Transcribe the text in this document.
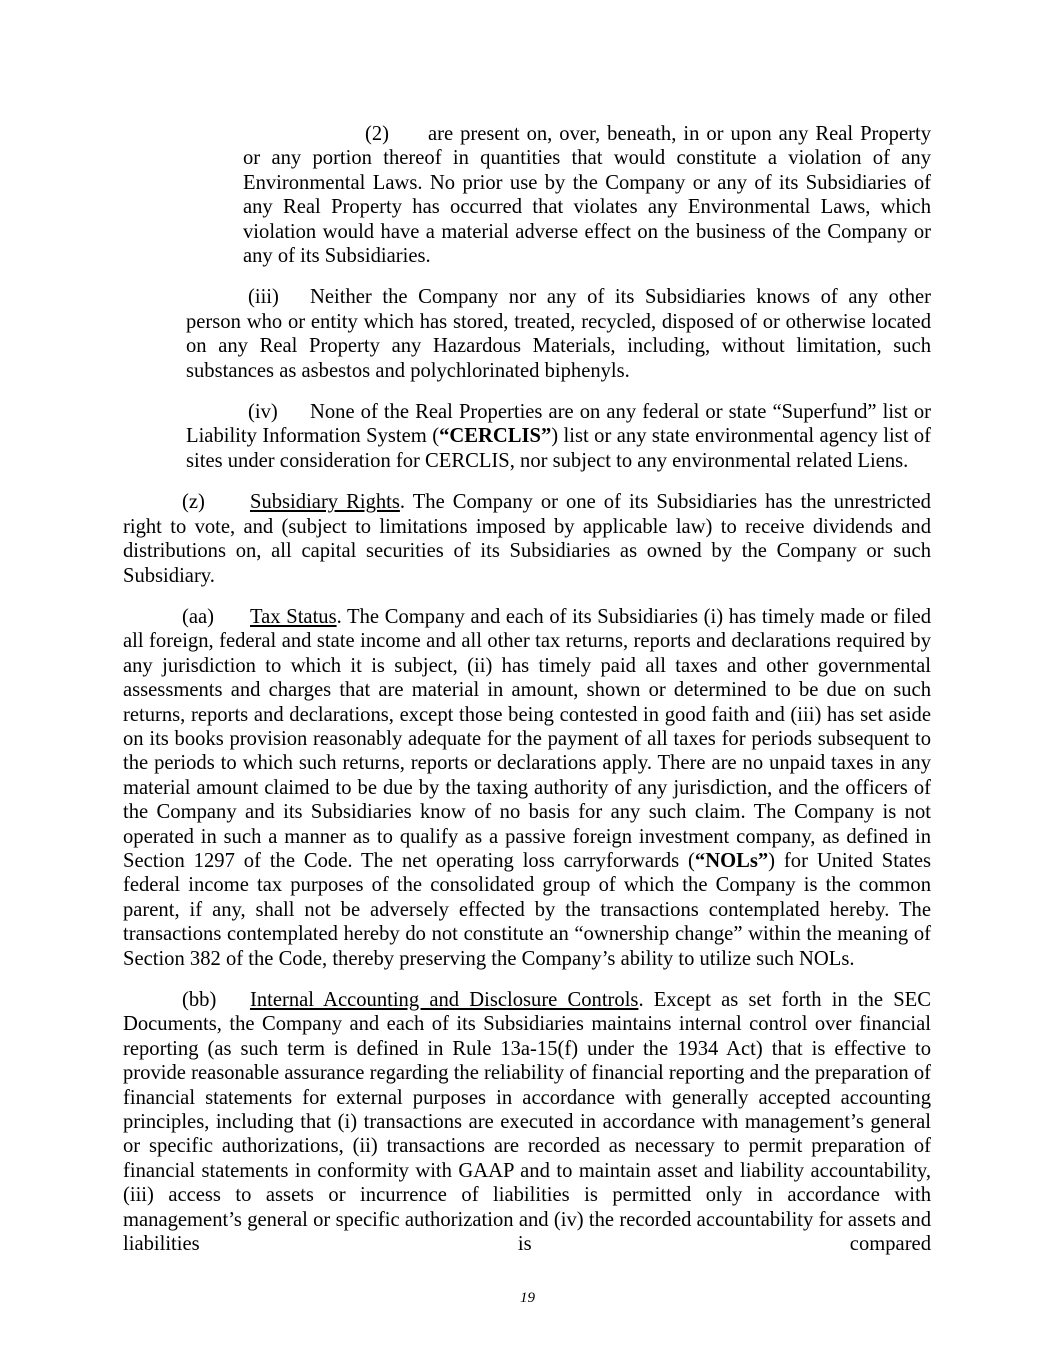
(2) are present on, over, beneath, in or upon any Real Property or any portion thereof in quantities that would constitute a violation of any Environmental Laws. No prior use by the Company or any of its Subsidiaries of any Real Property has occurred that violates any Environmental Laws, which violation would have a material adverse effect on the business of the Company or any of its Subsidiaries.

(iii) Neither the Company nor any of its Subsidiaries knows of any other person who or entity which has stored, treated, recycled, disposed of or otherwise located on any Real Property any Hazardous Materials, including, without limitation, such substances as asbestos and polychlorinated biphenyls.

(iv) None of the Real Properties are on any federal or state “Superfund” list or Liability Information System (“CERCLIS”) list or any state environmental agency list of sites under consideration for CERCLIS, nor subject to any environmental related Liens.

(z) Subsidiary Rights. The Company or one of its Subsidiaries has the unrestricted right to vote, and (subject to limitations imposed by applicable law) to receive dividends and distributions on, all capital securities of its Subsidiaries as owned by the Company or such Subsidiary.

(aa) Tax Status. The Company and each of its Subsidiaries (i) has timely made or filed all foreign, federal and state income and all other tax returns, reports and declarations required by any jurisdiction to which it is subject, (ii) has timely paid all taxes and other governmental assessments and charges that are material in amount, shown or determined to be due on such returns, reports and declarations, except those being contested in good faith and (iii) has set aside on its books provision reasonably adequate for the payment of all taxes for periods subsequent to the periods to which such returns, reports or declarations apply. There are no unpaid taxes in any material amount claimed to be due by the taxing authority of any jurisdiction, and the officers of the Company and its Subsidiaries know of no basis for any such claim. The Company is not operated in such a manner as to qualify as a passive foreign investment company, as defined in Section 1297 of the Code. The net operating loss carryforwards (“NOLs”) for United States federal income tax purposes of the consolidated group of which the Company is the common parent, if any, shall not be adversely effected by the transactions contemplated hereby. The transactions contemplated hereby do not constitute an “ownership change” within the meaning of Section 382 of the Code, thereby preserving the Company’s ability to utilize such NOLs.

(bb) Internal Accounting and Disclosure Controls. Except as set forth in the SEC Documents, the Company and each of its Subsidiaries maintains internal control over financial reporting (as such term is defined in Rule 13a-15(f) under the 1934 Act) that is effective to provide reasonable assurance regarding the reliability of financial reporting and the preparation of financial statements for external purposes in accordance with generally accepted accounting principles, including that (i) transactions are executed in accordance with management’s general or specific authorizations, (ii) transactions are recorded as necessary to permit preparation of financial statements in conformity with GAAP and to maintain asset and liability accountability, (iii) access to assets or incurrence of liabilities is permitted only in accordance with management’s general or specific authorization and (iv) the recorded accountability for assets and liabilities is compared

19
